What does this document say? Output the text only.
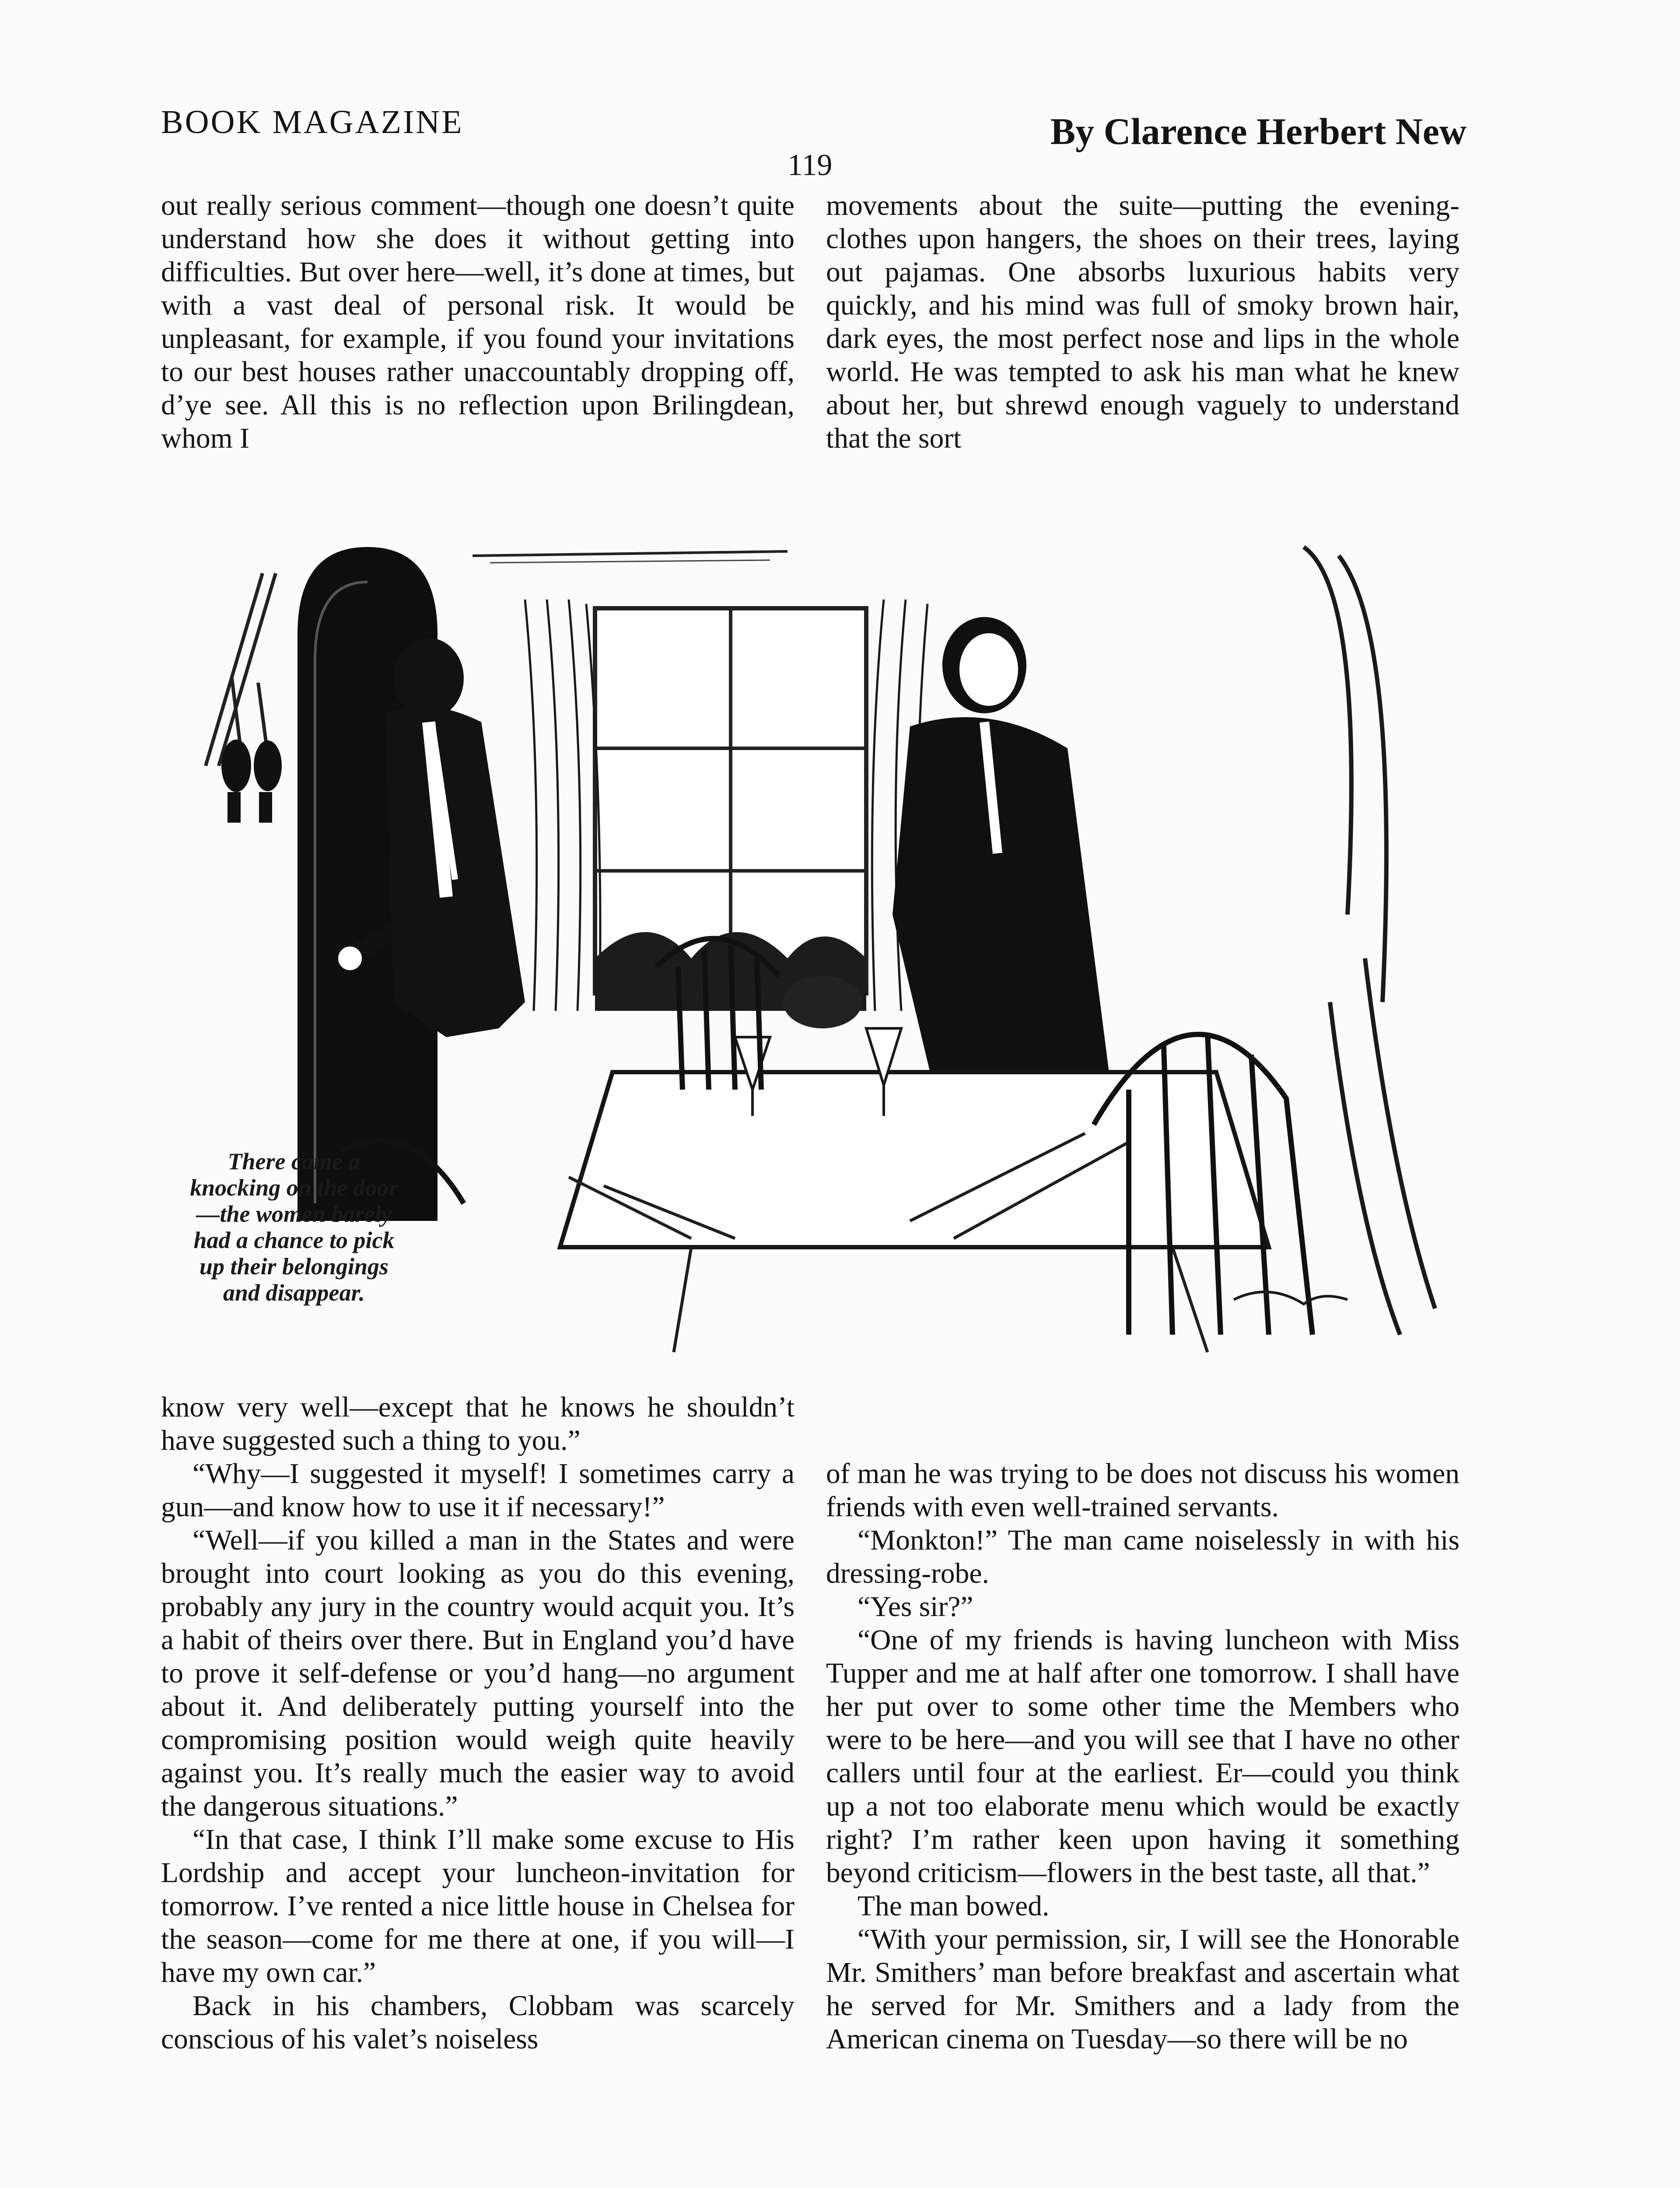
BOOK MAGAZINE	By Clarence Herbert New
119

out really serious comment—though one doesn’t quite understand how she does it without getting into difficulties. But over here—well, it’s done at times, but with a vast deal of personal risk. It would be unpleasant, for example, if you found your invitations to our best houses rather unaccountably dropping off, d’ye see. All this is no reflection upon Brilingdean, whom I

movements about the suite—putting the evening-clothes upon hangers, the shoes on their trees, laying out pajamas. One absorbs luxurious habits very quickly, and his mind was full of smoky brown hair, dark eyes, the most perfect nose and lips in the whole world. He was tempted to ask his man what he knew about her, but shrewd enough vaguely to understand that the sort

There came a knocking on the door—the women barely had a chance to pick up their belongings and disappear.

know very well—except that he knows he shouldn’t have suggested such a thing to you.”

“Why—I suggested it myself! I sometimes carry a gun—and know how to use it if necessary!”

“Well—if you killed a man in the States and were brought into court looking as you do this evening, probably any jury in the country would acquit you. It’s a habit of theirs over there. But in England you’d have to prove it self-defense or you’d hang—no argument about it. And deliberately putting yourself into the compromising position would weigh quite heavily against you. It’s really much the easier way to avoid the dangerous situations.”

“In that case, I think I’ll make some excuse to His Lordship and accept your luncheon-invitation for tomorrow. I’ve rented a nice little house in Chelsea for the season—come for me there at one, if you will—I have my own car.”

Back in his chambers, Clobbam was scarcely conscious of his valet’s noiseless

of man he was trying to be does not discuss his women friends with even well-trained servants.

“Monkton!” The man came noiselessly in with his dressing-robe.

“Yes sir?”

“One of my friends is having luncheon with Miss Tupper and me at half after one tomorrow. I shall have her put over to some other time the Members who were to be here—and you will see that I have no other callers until four at the earliest. Er—could you think up a not too elaborate menu which would be exactly right? I’m rather keen upon having it something beyond criticism—flowers in the best taste, all that.”

The man bowed.

“With your permission, sir, I will see the Honorable Mr. Smithers’ man before breakfast and ascertain what he served for Mr. Smithers and a lady from the American cinema on Tuesday—so there will be no
